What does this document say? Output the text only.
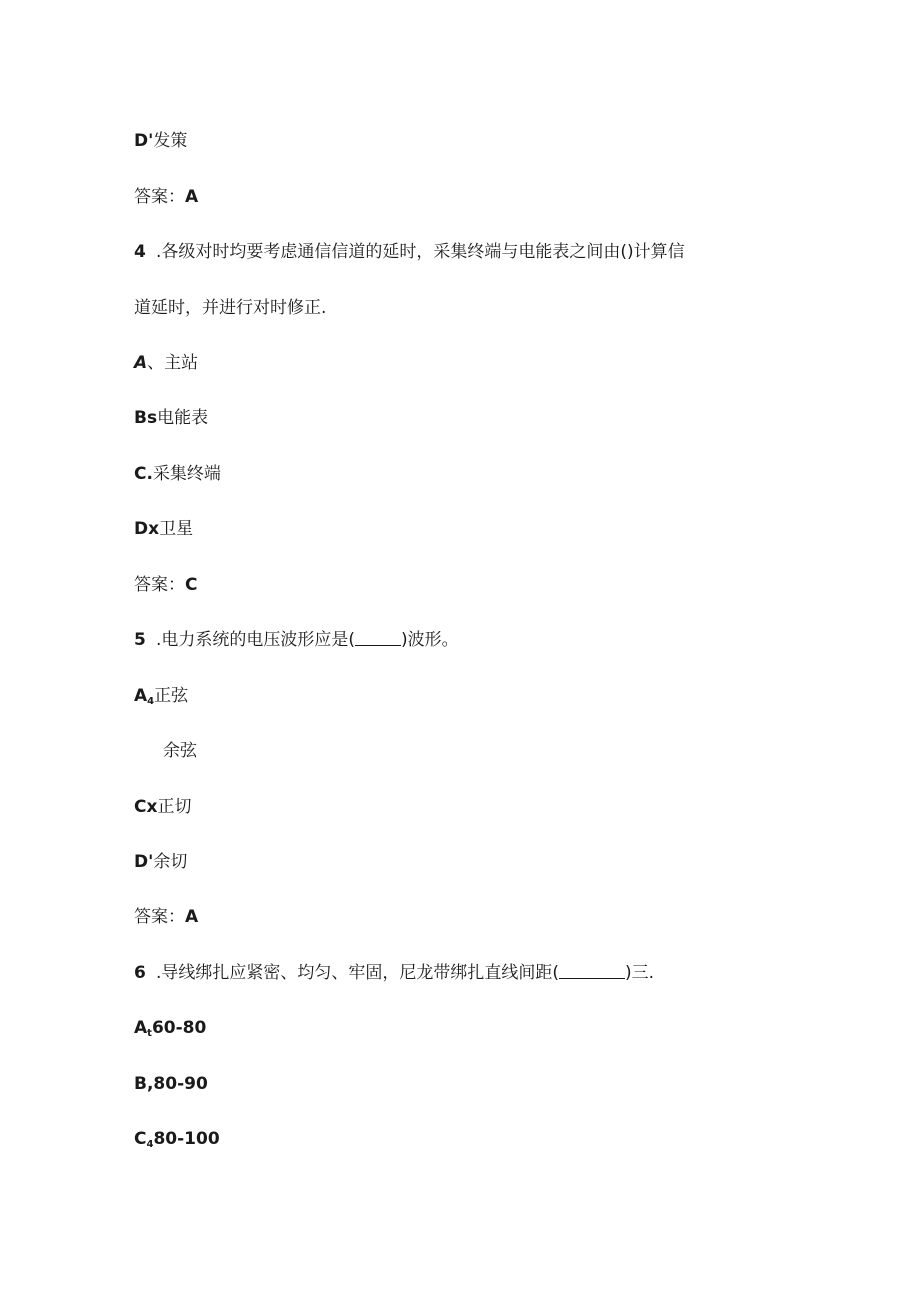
D'发策
答案：A
4 .各级对时均要考虑通信信道的延时，采集终端与电能表之间由()计算信
道延时，并进行对时修正.
A、主站
Bs电能表
C.采集终端
Dx卫星
答案：C
5 .电力系统的电压波形应是(	)波形。
$A_4$正弦
余弦
Cx正切
D'余切
答案：A
6 .导线绑扎应紧密、均匀、牢固，尼龙带绑扎直线间距(	)三.
$A_t60-80$
B,80-90
$C_480-100$
